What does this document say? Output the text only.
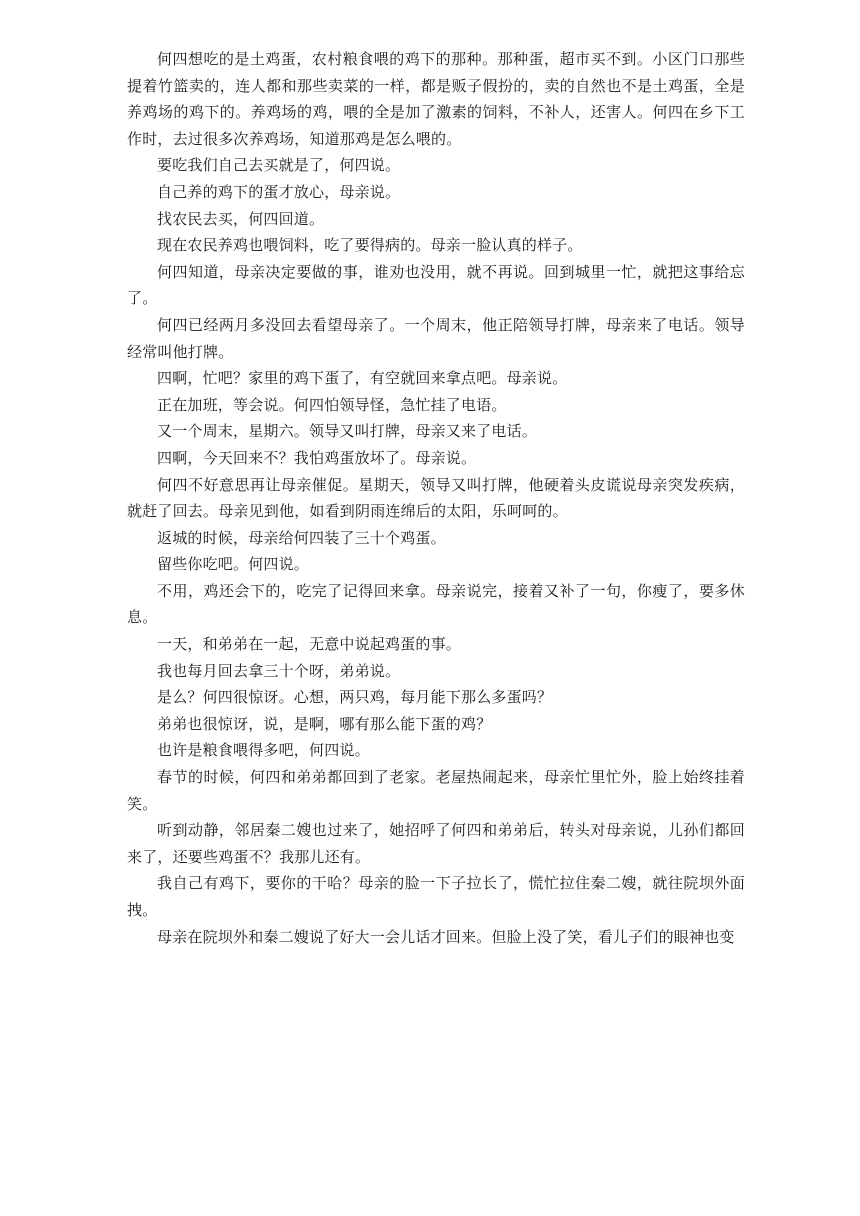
何四想吃的是土鸡蛋，农村粮食喂的鸡下的那种。那种蛋，超市买不到。小区门口那些提着竹篮卖的，连人都和那些卖菜的一样，都是贩子假扮的，卖的自然也不是土鸡蛋，全是养鸡场的鸡下的。养鸡场的鸡，喂的全是加了激素的饲料，不补人，还害人。何四在乡下工作时，去过很多次养鸡场，知道那鸡是怎么喂的。

要吃我们自己去买就是了，何四说。

自己养的鸡下的蛋才放心，母亲说。

找农民去买，何四回道。

现在农民养鸡也喂饲料，吃了要得病的。母亲一脸认真的样子。

何四知道，母亲决定要做的事，谁劝也没用，就不再说。回到城里一忙，就把这事给忘了。

何四已经两月多没回去看望母亲了。一个周末，他正陪领导打牌，母亲来了电话。领导经常叫他打牌。

四啊，忙吧？家里的鸡下蛋了，有空就回来拿点吧。母亲说。

正在加班，等会说。何四怕领导怪，急忙挂了电语。

又一个周末，星期六。领导又叫打牌，母亲又来了电话。

四啊，今天回来不？我怕鸡蛋放坏了。母亲说。

何四不好意思再让母亲催促。星期天，领导又叫打牌，他硬着头皮谎说母亲突发疾病，就赶了回去。母亲见到他，如看到阴雨连绵后的太阳，乐呵呵的。

返城的时候，母亲给何四装了三十个鸡蛋。

留些你吃吧。何四说。

不用，鸡还会下的，吃完了记得回来拿。母亲说完，接着又补了一句，你瘦了，要多休息。

一天，和弟弟在一起，无意中说起鸡蛋的事。

我也每月回去拿三十个呀，弟弟说。

是么？何四很惊讶。心想，两只鸡，每月能下那么多蛋吗？

弟弟也很惊讶，说，是啊，哪有那么能下蛋的鸡？

也许是粮食喂得多吧，何四说。

春节的时候，何四和弟弟都回到了老家。老屋热闹起来，母亲忙里忙外，脸上始终挂着笑。

听到动静，邻居秦二嫂也过来了，她招呼了何四和弟弟后，转头对母亲说，儿孙们都回来了，还要些鸡蛋不？我那儿还有。

我自己有鸡下，要你的干哈？母亲的脸一下子拉长了，慌忙拉住秦二嫂，就往院坝外面拽。

母亲在院坝外和秦二嫂说了好大一会儿话才回来。但脸上没了笑，看儿子们的眼神也变
